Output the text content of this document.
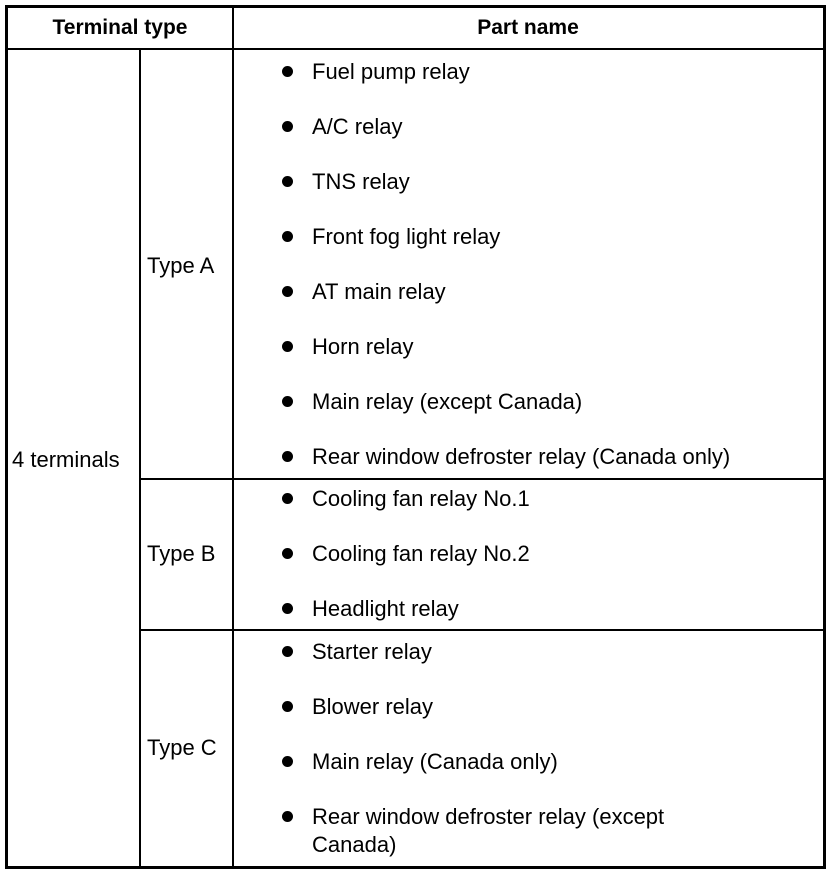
Terminal type	Part name
4 terminals
Type A
Type B
Type C
Fuel pump relay
A/C relay
TNS relay
Front fog light relay
AT main relay
Horn relay
Main relay (except Canada)
Rear window defroster relay (Canada only)
Cooling fan relay No.1
Cooling fan relay No.2
Headlight relay
Starter relay
Blower relay
Main relay (Canada only)
Rear window defroster relay (except
Canada)
